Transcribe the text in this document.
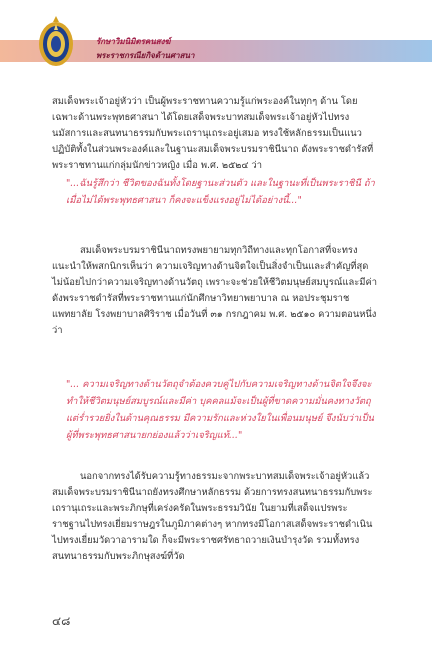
รักษาวิมนิมิตรคนสงฆ์
พระราชกรณียกิจด้านศาสนา

สมเด็จพระเจ้าอยู่หัวว่า เป็นผู้พระราชทานความรู้แก่พระองค์ในทุกๆ ด้าน โดยเฉพาะด้านพระพุทธศาสนา ได้โดยเสด็จพระบาทสมเด็จพระเจ้าอยู่หัวไปทรงนมัสการและสนทนาธรรมกับพระเถรานุเถระอยู่เสมอ ทรงใช้หลักธรรมเป็นแนวปฏิบัติทั้งในส่วนพระองค์และในฐานะสมเด็จพระบรมราชินีนาถ ดังพระราชดำรัสที่พระราชทานแก่กลุ่มนักข่าวหญิง เมื่อ พ.ศ. ๒๕๒๔ ว่า

"...ฉันรู้สึกว่า ชีวิตของฉันทั้งโดยฐานะส่วนตัว และในฐานะที่เป็นพระราชินี ถ้าเมื่อไม่ได้พระพุทธศาสนา ก็คงจะแข็งแรงอยู่ไม่ได้อย่างนี้..."

สมเด็จพระบรมราชินีนาถทรงพยายามทุกวิถีทางและทุกโอกาสที่จะทรงแนะนำให้พสกนิกรเห็นว่า ความเจริญทางด้านจิตใจเป็นสิ่งจำเป็นและสำคัญที่สุด ไม่น้อยไปกว่าความเจริญทางด้านวัตถุ เพราะจะช่วยให้ชีวิตมนุษย์สมบูรณ์และมีค่า ดังพระราชดำรัสที่พระราชทานแก่นักศึกษาวิทยาพยาบาล ณ หอประชุมราชแพทยาลัย โรงพยาบาลศิริราช เมื่อวันที่ ๓๑ กรกฎาคม พ.ศ. ๒๕๑๐ ความตอนหนึ่งว่า

"... ความเจริญทางด้านวัตถุจำต้องควบคู่ไปกับความเจริญทางด้านจิตใจจึงจะทำให้ชีวิตมนุษย์สมบูรณ์และมีค่า บุคคลแม้จะเป็นผู้ที่ขาดความมั่นคงทางวัตถุ แต่ร่ำรวยยิ่งในด้านคุณธรรม มีความรักและห่วงใยในเพื่อนมนุษย์ จึงนับว่าเป็นผู้ที่พระพุทธศาสนายกย่องแล้วว่าเจริญแท้..."

นอกจากทรงได้รับความรู้ทางธรรมะจากพระบาทสมเด็จพระเจ้าอยู่หัวแล้ว สมเด็จพระบรมราชินีนาถยังทรงศึกษาหลักธรรม ด้วยการทรงสนทนาธรรมกับพระเถรานุเถระและพระภิกษุที่เคร่งครัดในพระธรรมวินัย ในยามที่เสด็จแปรพระราชฐานไปทรงเยี่ยมราษฎรในภูมิภาคต่างๆ หากทรงมีโอกาสเสด็จพระราชดำเนินไปทรงเยี่ยมวัดวาอารามใด ก็จะมีพระราชศรัทธาถวายเงินบำรุงวัด รวมทั้งทรงสนทนาธรรมกับพระภิกษุสงฆ์ที่วัด

๔๘
